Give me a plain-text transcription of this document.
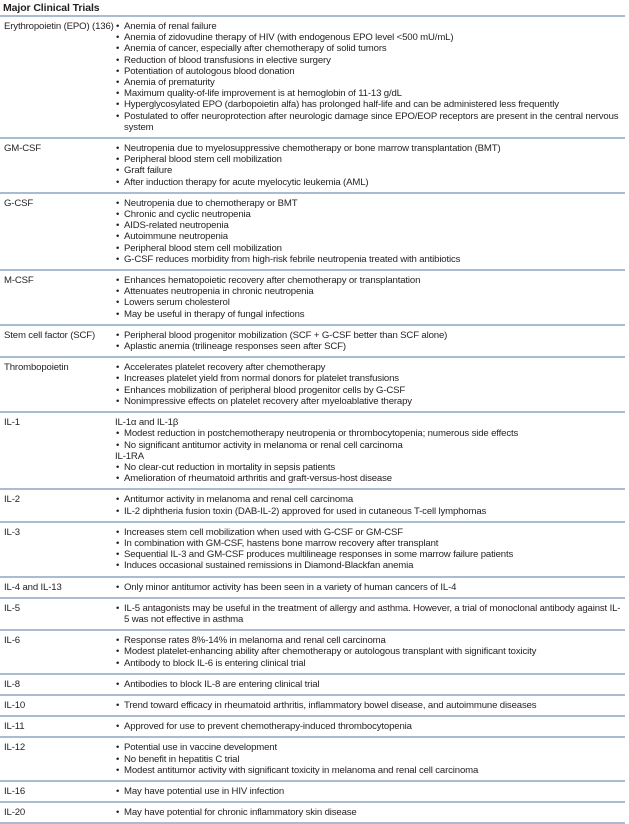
Major Clinical Trials
Erythropoietin (EPO) (136)	• Anemia of renal failure
• Anemia of zidovudine therapy of HIV (with endogenous EPO level <500 mU/mL)
• Anemia of cancer, especially after chemotherapy of solid tumors
• Reduction of blood transfusions in elective surgery
• Potentiation of autologous blood donation
• Anemia of prematurity
• Maximum quality-of-life improvement is at hemoglobin of 11-13 g/dL
• Hyperglycosylated EPO (darbopoietin alfa) has prolonged half-life and can be administered less frequently
• Postulated to offer neuroprotection after neurologic damage since EPO/EOP receptors are present in the central nervous system
GM-CSF	• Neutropenia due to myelosuppressive chemotherapy or bone marrow transplantation (BMT)
• Peripheral blood stem cell mobilization
• Graft failure
• After induction therapy for acute myelocytic leukemia (AML)
G-CSF	• Neutropenia due to chemotherapy or BMT
• Chronic and cyclic neutropenia
• AIDS-related neutropenia
• Autoimmune neutropenia
• Peripheral blood stem cell mobilization
• G-CSF reduces morbidity from high-risk febrile neutropenia treated with antibiotics
M-CSF	• Enhances hematopoietic recovery after chemotherapy or transplantation
• Attenuates neutropenia in chronic neutropenia
• Lowers serum cholesterol
• May be useful in therapy of fungal infections
Stem cell factor (SCF)	• Peripheral blood progenitor mobilization (SCF + G-CSF better than SCF alone)
• Aplastic anemia (trilineage responses seen after SCF)
Thrombopoietin	• Accelerates platelet recovery after chemotherapy
• Increases platelet yield from normal donors for platelet transfusions
• Enhances mobilization of peripheral blood progenitor cells by G-CSF
• Nonimpressive effects on platelet recovery after myeloablative therapy
IL-1	IL-1α and IL-1β
• Modest reduction in postchemotherapy neutropenia or thrombocytopenia; numerous side effects
• No significant antitumor activity in melanoma or renal cell carcinoma
IL-1RA
• No clear-cut reduction in mortality in sepsis patients
• Amelioration of rheumatoid arthritis and graft-versus-host disease
IL-2	• Antitumor activity in melanoma and renal cell carcinoma
• IL-2 diphtheria fusion toxin (DAB-IL-2) approved for used in cutaneous T-cell lymphomas
IL-3	• Increases stem cell mobilization when used with G-CSF or GM-CSF
• In combination with GM-CSF, hastens bone marrow recovery after transplant
• Sequential IL-3 and GM-CSF produces multilineage responses in some marrow failure patients
• Induces occasional sustained remissions in Diamond-Blackfan anemia
IL-4 and IL-13	• Only minor antitumor activity has been seen in a variety of human cancers of IL-4
IL-5	• IL-5 antagonists may be useful in the treatment of allergy and asthma. However, a trial of monoclonal antibody against IL-5 was not effective in asthma
IL-6	• Response rates 8%-14% in melanoma and renal cell carcinoma
• Modest platelet-enhancing ability after chemotherapy or autologous transplant with significant toxicity
• Antibody to block IL-6 is entering clinical trial
IL-8	• Antibodies to block IL-8 are entering clinical trial
IL-10	• Trend toward efficacy in rheumatoid arthritis, inflammatory bowel disease, and autoimmune diseases
IL-11	• Approved for use to prevent chemotherapy-induced thrombocytopenia
IL-12	• Potential use in vaccine development
• No benefit in hepatitis C trial
• Modest antitumor activity with significant toxicity in melanoma and renal cell carcinoma
IL-16	• May have potential use in HIV infection
IL-20	• May have potential for chronic inflammatory skin disease
